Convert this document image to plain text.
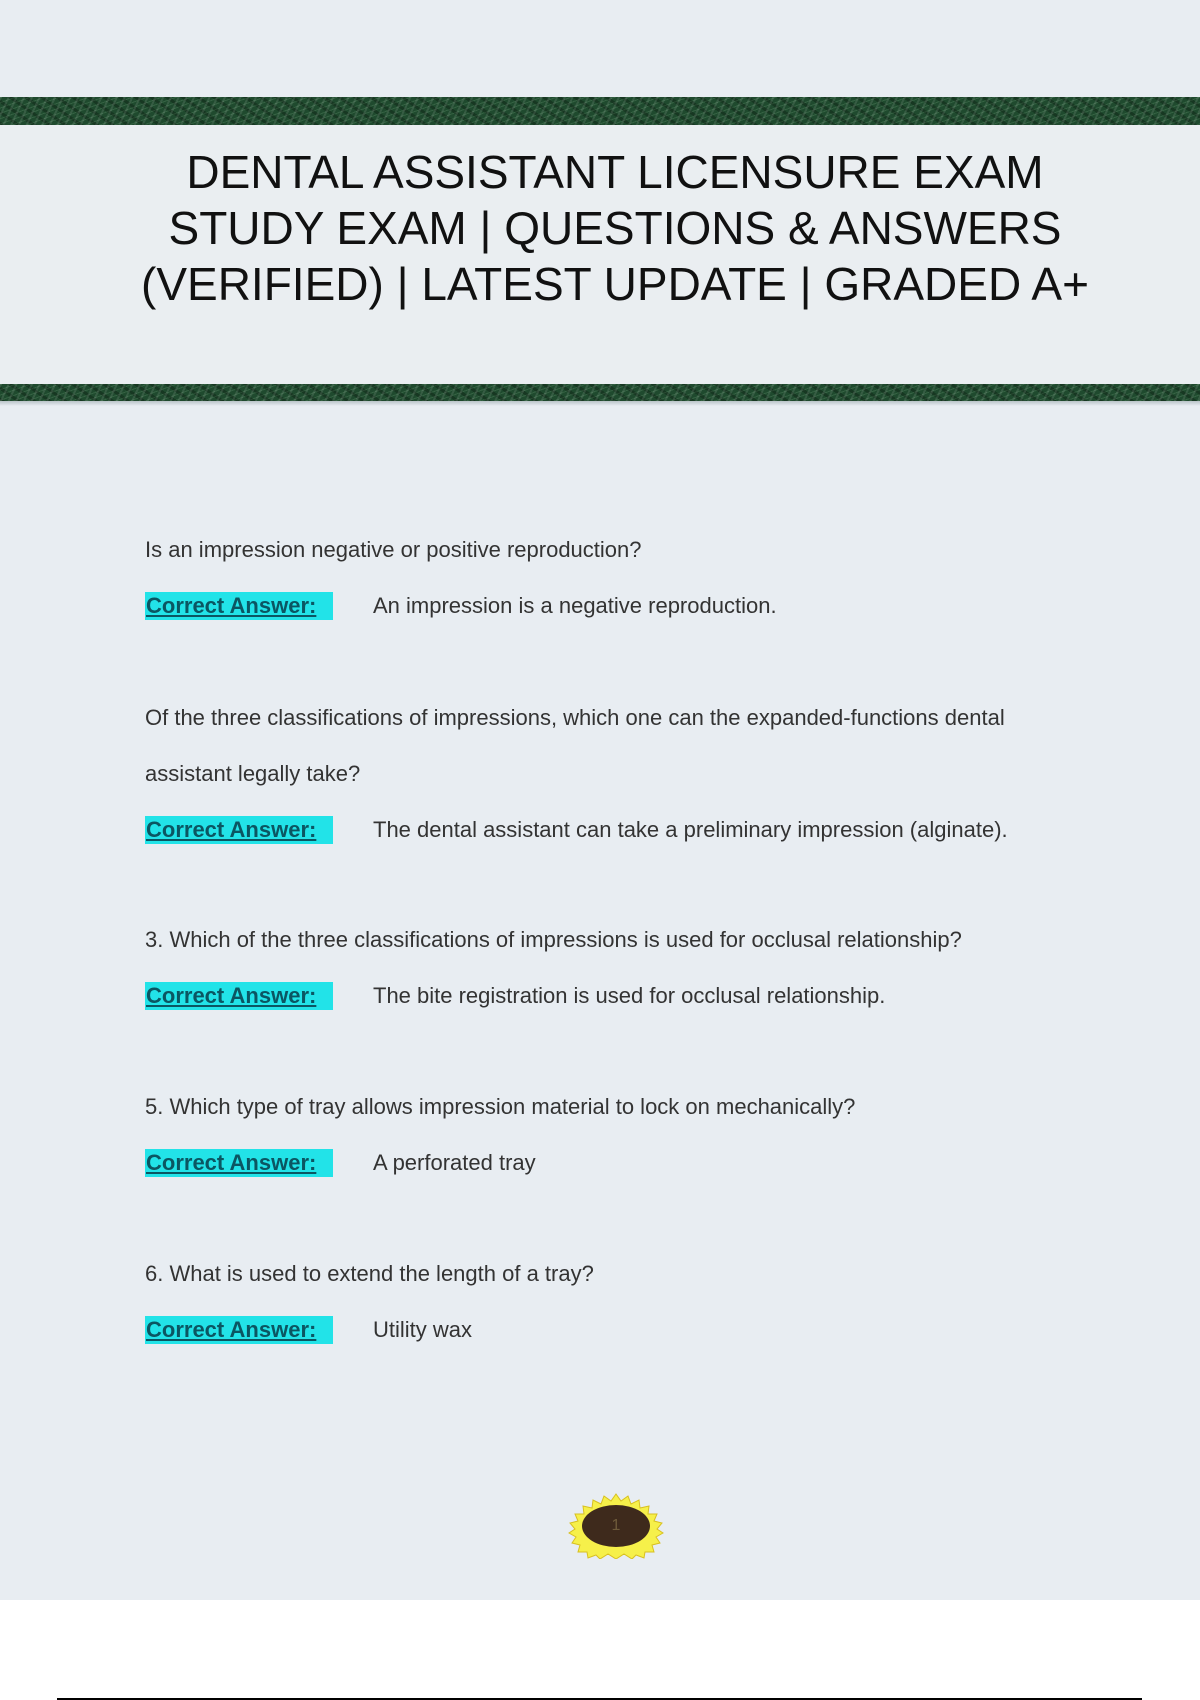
DENTAL ASSISTANT LICENSURE EXAM STUDY EXAM | QUESTIONS & ANSWERS (VERIFIED) | LATEST UPDATE | GRADED A+
Is an impression negative or positive reproduction?
Correct Answer:	An impression is a negative reproduction.
Of the three classifications of impressions, which one can the expanded-functions dental assistant legally take?
Correct Answer:	The dental assistant can take a preliminary impression (alginate).
3. Which of the three classifications of impressions is used for occlusal relationship?
Correct Answer:	The bite registration is used for occlusal relationship.
5. Which type of tray allows impression material to lock on mechanically?
Correct Answer:	A perforated tray
6. What is used to extend the length of a tray?
Correct Answer:	Utility wax
1
